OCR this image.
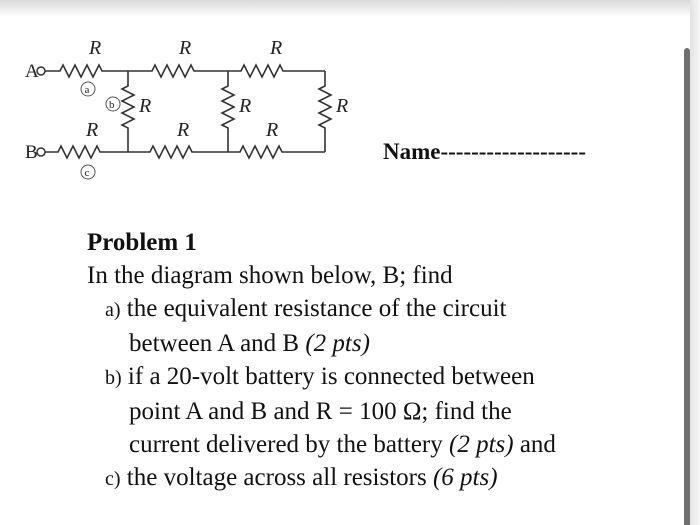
A
B
a
b
c
R	R	R
R	R	R
R	R	R
Name-------------------
Problem 1
In the diagram shown below, B; find
a) the equivalent resistance of the circuit
between A and B (2 pts)
b) if a 20-volt battery is connected between
point A and B and R = 100 Ω; find the
current delivered by the battery (2 pts) and
c) the voltage across all resistors (6 pts)
